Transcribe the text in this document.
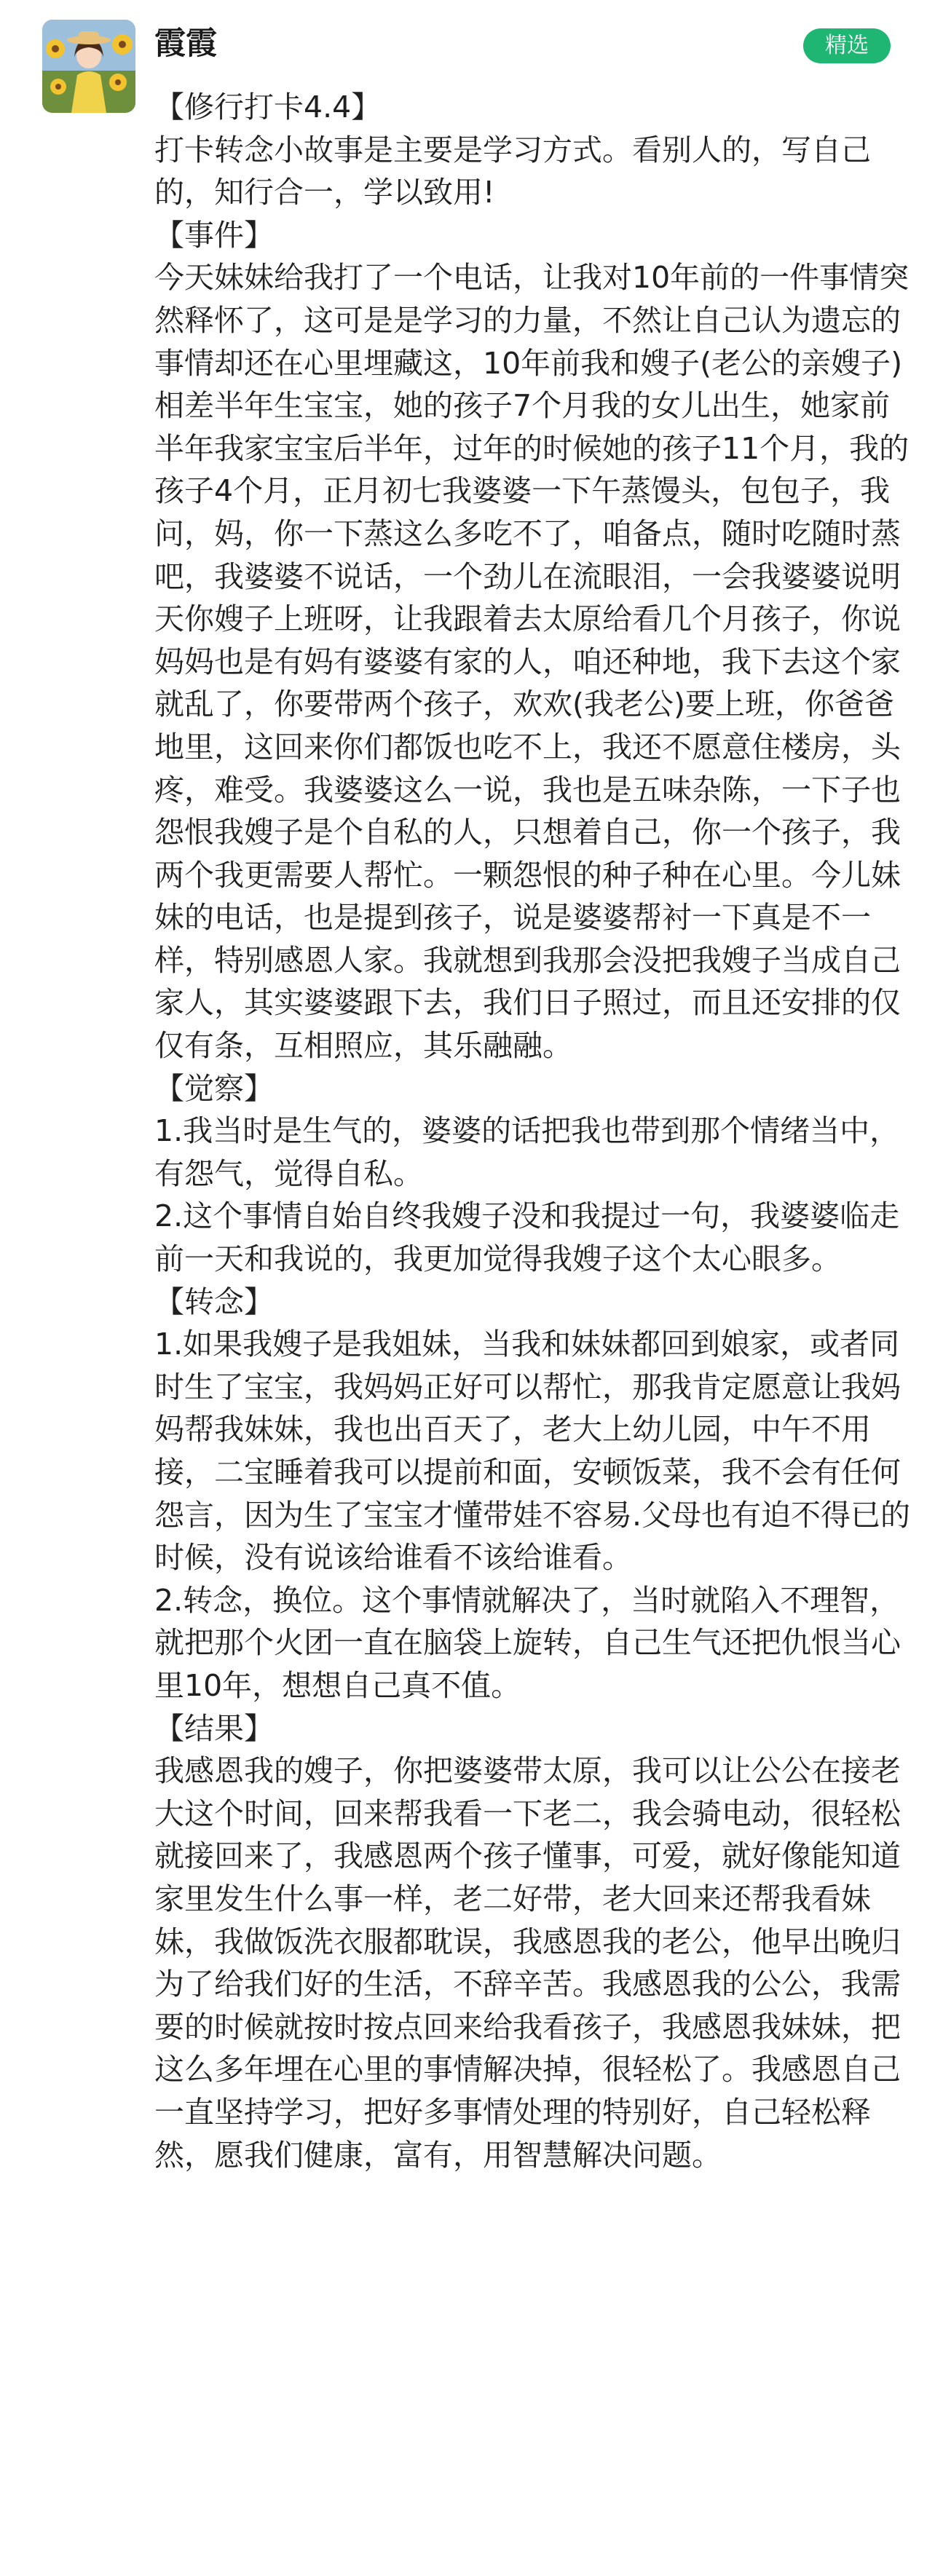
霞霞	精选

【修行打卡4.4】

打卡转念小故事是主要是学习方式。看别人的，写自己的，知行合一，学以致用!

【事件】

今天妹妹给我打了一个电话，让我对10年前的一件事情突然释怀了，这可是是学习的力量，不然让自己认为遗忘的事情却还在心里埋藏这，10年前我和嫂子(老公的亲嫂子)相差半年生宝宝，她的孩子7个月我的女儿出生，她家前半年我家宝宝后半年，过年的时候她的孩子11个月，我的孩子4个月，正月初七我婆婆一下午蒸馒头，包包子，我问，妈，你一下蒸这么多吃不了，咱备点，随时吃随时蒸吧，我婆婆不说话，一个劲儿在流眼泪，一会我婆婆说明天你嫂子上班呀，让我跟着去太原给看几个月孩子，你说妈妈也是有妈有婆婆有家的人，咱还种地，我下去这个家就乱了，你要带两个孩子，欢欢(我老公)要上班，你爸爸地里，这回来你们都饭也吃不上，我还不愿意住楼房，头疼，难受。我婆婆这么一说，我也是五味杂陈，一下子也怨恨我嫂子是个自私的人，只想着自己，你一个孩子，我两个我更需要人帮忙。一颗怨恨的种子种在心里。今儿妹妹的电话，也是提到孩子，说是婆婆帮衬一下真是不一样，特别感恩人家。我就想到我那会没把我嫂子当成自己家人，其实婆婆跟下去，我们日子照过，而且还安排的仅仅有条，互相照应，其乐融融。

【觉察】

1.我当时是生气的，婆婆的话把我也带到那个情绪当中，有怨气，觉得自私。

2.这个事情自始自终我嫂子没和我提过一句，我婆婆临走前一天和我说的，我更加觉得我嫂子这个太心眼多。

【转念】

1.如果我嫂子是我姐妹，当我和妹妹都回到娘家，或者同时生了宝宝，我妈妈正好可以帮忙，那我肯定愿意让我妈妈帮我妹妹，我也出百天了，老大上幼儿园，中午不用接，二宝睡着我可以提前和面，安顿饭菜，我不会有任何怨言，因为生了宝宝才懂带娃不容易.父母也有迫不得已的时候，没有说该给谁看不该给谁看。

2.转念，换位。这个事情就解决了，当时就陷入不理智，就把那个火团一直在脑袋上旋转，自己生气还把仇恨当心里10年，想想自己真不值。

【结果】

我感恩我的嫂子，你把婆婆带太原，我可以让公公在接老大这个时间，回来帮我看一下老二，我会骑电动，很轻松就接回来了，我感恩两个孩子懂事，可爱，就好像能知道家里发生什么事一样，老二好带，老大回来还帮我看妹妹，我做饭洗衣服都耽误，我感恩我的老公，他早出晚归为了给我们好的生活，不辞辛苦。我感恩我的公公，我需要的时候就按时按点回来给我看孩子，我感恩我妹妹，把这么多年埋在心里的事情解决掉，很轻松了。我感恩自己一直坚持学习，把好多事情处理的特别好，自己轻松释然，愿我们健康，富有，用智慧解决问题。
